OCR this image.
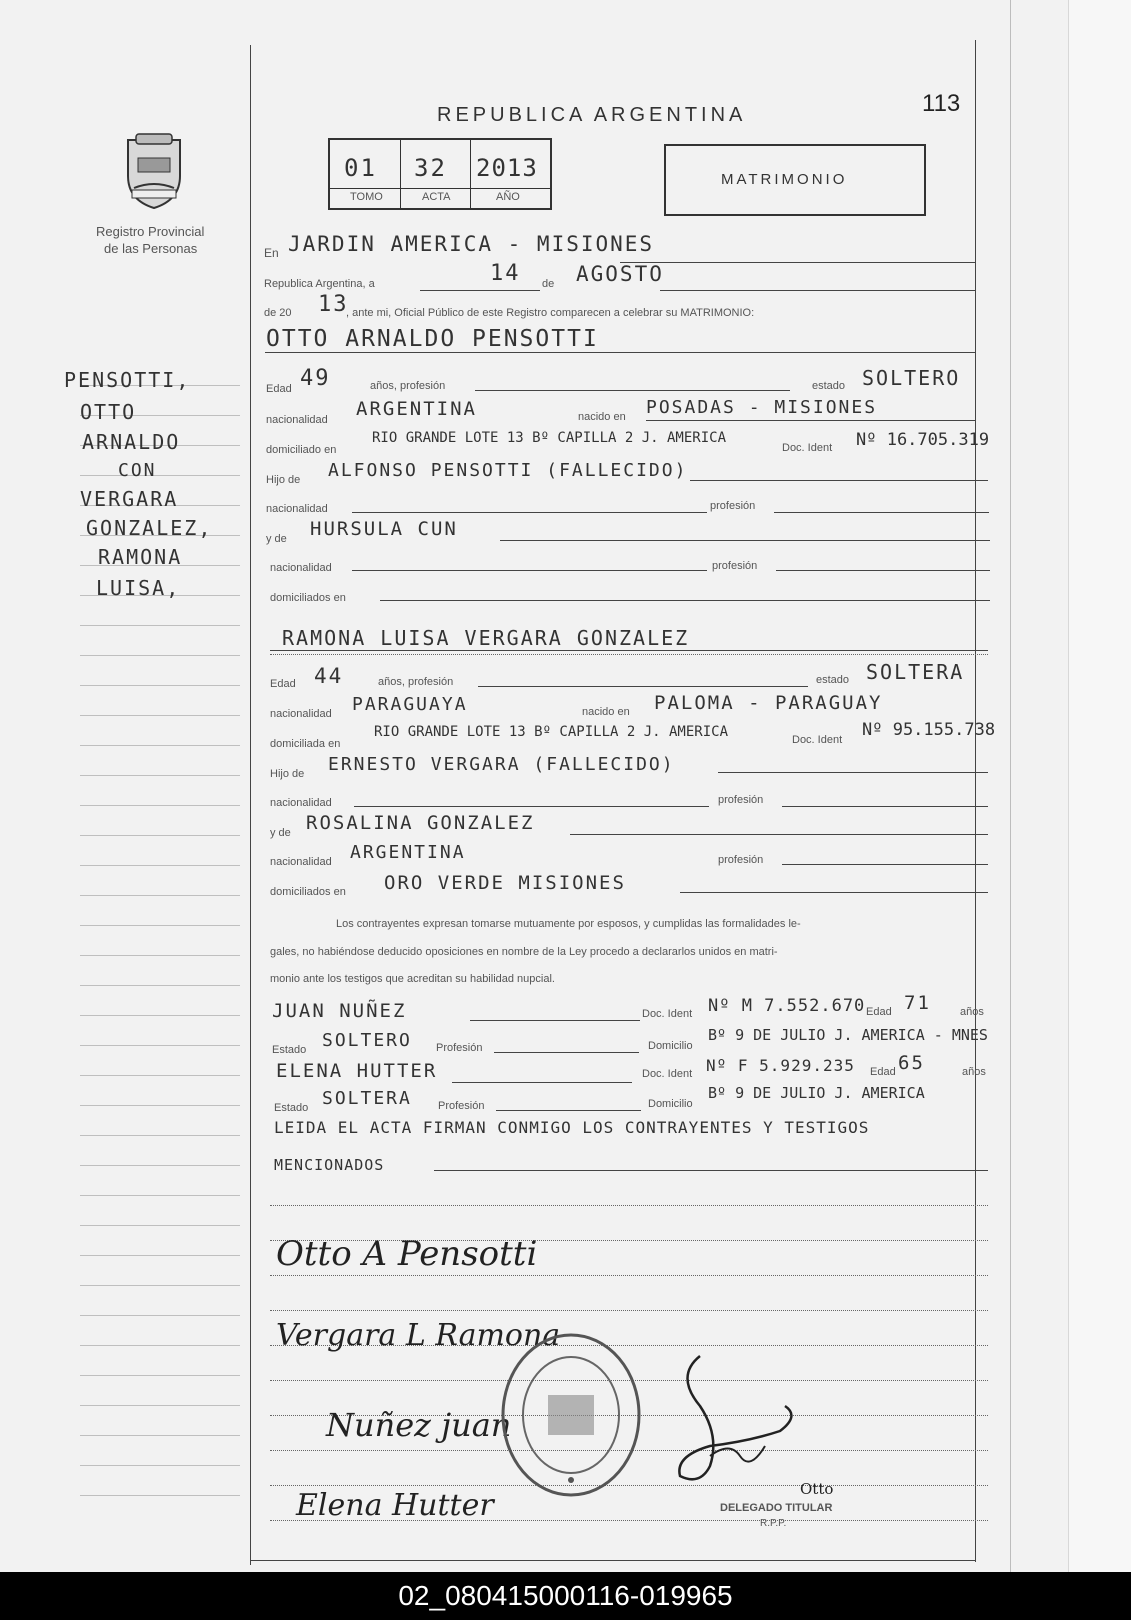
Registro Provincial
de las Personas
PENSOTTI,
OTTO
ARNALDO
CON
VERGARA
GONZALEZ,
RAMONA
LUISA,
REPUBLICA ARGENTINA	113
01 32 2013
TOMO	ACTA	AÑO
MATRIMONIO
En JARDIN AMERICA - MISIONES
Republica Argentina, a	14 de AGOSTO
de 20 13
, ante mi, Oficial Público de este Registro comparecen a celebrar su MATRIMONIO:
OTTO ARNALDO PENSOTTI
Edad 49	años, profesión	estado SOLTERO
nacionalidad ARGENTINA	nacido en POSADAS - MISIONES
domiciliado en
RIO GRANDE LOTE 13 Bº CAPILLA 2 J. AMERICA
Doc. Ident Nº 16.705.319
Hijo de ALFONSO PENSOTTI (FALLECIDO)
nacionalidad	profesión
y de HURSULA CUN
nacionalidad	profesión
domiciliados en
RAMONA LUISA VERGARA GONZALEZ
Edad 44	años, profesión	estado SOLTERA
nacionalidad PARAGUAYA	nacido en PALOMA - PARAGUAY
domiciliada en
RIO GRANDE LOTE 13 Bº CAPILLA 2 J. AMERICA	Doc. Ident Nº 95.155.738
Hijo de ERNESTO VERGARA (FALLECIDO)
nacionalidad	profesión
y de ROSALINA GONZALEZ
nacionalidad ARGENTINA	profesión
domiciliados en ORO VERDE MISIONES
Los contrayentes expresan tomarse mutuamente por esposos, y cumplidas las formalidades le-
gales, no habiéndose deducido oposiciones en nombre de la Ley procedo a declararlos unidos en matri-
monio ante los testigos que acreditan su habilidad nupcial.
JUAN NUÑEZ	Doc. Ident Nº M 7.552.670 Edad 71	años
Estado SOLTERO Profesión	Domicilio
Bº 9 DE JULIO J. AMERICA - MNES
ELENA HUTTER	Doc. Ident Nº F 5.929.235 Edad 65	años
Estado SOLTERA Profesión	Domicilio
Bº 9 DE JULIO J. AMERICA
LEIDA EL ACTA FIRMAN CONMIGO LOS CONTRAYENTES Y TESTIGOS
MENCIONADOS
Otto A Pensotti
Vergara L Ramona
Nuñez juan
Elena Hutter	Otto
DELEGADO TITULAR
R.P.P.
02_080415000116-019965
